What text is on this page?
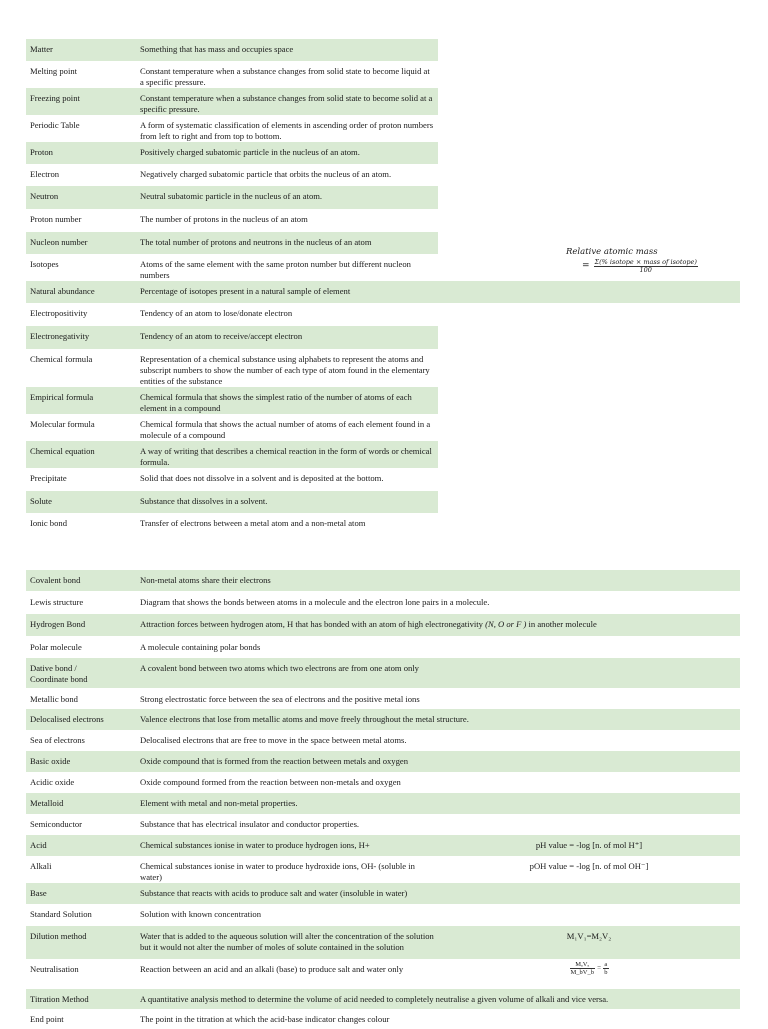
Matter	Something that has mass and occupies space	
Melting point	Constant temperature when a substance changes from solid state to become liquid at a specific pressure.	
Freezing point	Constant temperature when a substance changes from solid state to become solid at a specific pressure.	
Periodic Table	A form of systematic classification of elements in ascending order of proton numbers from left to right and from top to bottom.	
Proton	Positively charged subatomic particle in the nucleus of an atom.	
Electron	Negatively charged subatomic particle that orbits the nucleus of an atom.	
Neutron	Neutral subatomic particle in the nucleus of an atom.	
Proton number	The number of protons in the nucleus of an atom	
Nucleon number	The total number of protons and neutrons in the nucleus of an atom	
Isotopes	Atoms of the same element with the same proton number but different nucleon numbers	
Natural abundance	Percentage of isotopes present in a natural sample of element	
Electropositivity	Tendency of an atom to lose/donate electron	
Electronegativity	Tendency of an atom to receive/accept electron	
Chemical formula	Representation of a chemical substance using alphabets to represent the atoms and subscript numbers to show the number of each type of atom found in the elementary entities of the substance	
Empirical formula	Chemical formula that shows the simplest ratio of the number of atoms of each element in a compound	
Molecular formula	Chemical formula that shows the actual number of atoms of each element found in a molecule of a compound	
Chemical equation	A way of writing that describes a chemical reaction in the form of words or chemical formula.	
Precipitate	Solid that does not dissolve in a solvent and is deposited at the bottom.	
Solute	Substance that dissolves in a solvent.	
Ionic bond	Transfer of electrons between a metal atom and a non-metal atom	
Relative atomic mass
= $\frac{\text{Σ(\% isotope × mass of isotope)}}{100}$
Covalent bond	Non-metal atoms share their electrons	
Lewis structure	Diagram that shows the bonds between atoms in a molecule and the electron lone pairs in a molecule.	
Hydrogen Bond	Attraction forces between hydrogen atom, H that has bonded with an atom of high electronegativity (N, O or F ) in another molecule	
Polar molecule	A molecule containing polar bonds	
Dative bond /
Coordinate bond	A covalent bond between two atoms which two electrons are from one atom only	
Metallic bond	Strong electrostatic force between the sea of electrons and the positive metal ions	
Delocalised electrons	Valence electrons that lose from metallic atoms and move freely throughout the metal structure.	
Sea of electrons	Delocalised electrons that are free to move in the space between metal atoms.	
Basic oxide	Oxide compound that is formed from the reaction between metals and oxygen	
Acidic oxide	Oxide compound formed from the reaction between non-metals and oxygen	
Metalloid	Element with metal and non-metal properties.	
Semiconductor	Substance that has electrical insulator and conductor properties.	
Acid	Chemical substances ionise in water to produce hydrogen ions, H+	pH value = -log [n. of mol H⁺]
Alkali	Chemical substances ionise in water to produce hydroxide ions, OH- (soluble in water)	pOH value = -log [n. of mol OH⁻]
Base	Substance that reacts with acids to produce salt and water (insoluble in water)	
Standard Solution	Solution with known concentration	
Dilution method	Water that is added to the aqueous solution will alter the concentration of the solution but it would not alter the number of moles of solute contained in the solution	M₁V₁=M₂V₂
Neutralisation	Reaction between an acid and an alkali (base) to produce salt and water only	$\frac{\text{MₐVₐ}}{M\_bV\_b} = \frac{a}{b}$

Titration Method	A quantitative analysis method to determine the volume of acid needed to completely neutralise a given volume of alkali and vice versa.	
End point	The point in the titration at which the acid-base indicator changes colour	
